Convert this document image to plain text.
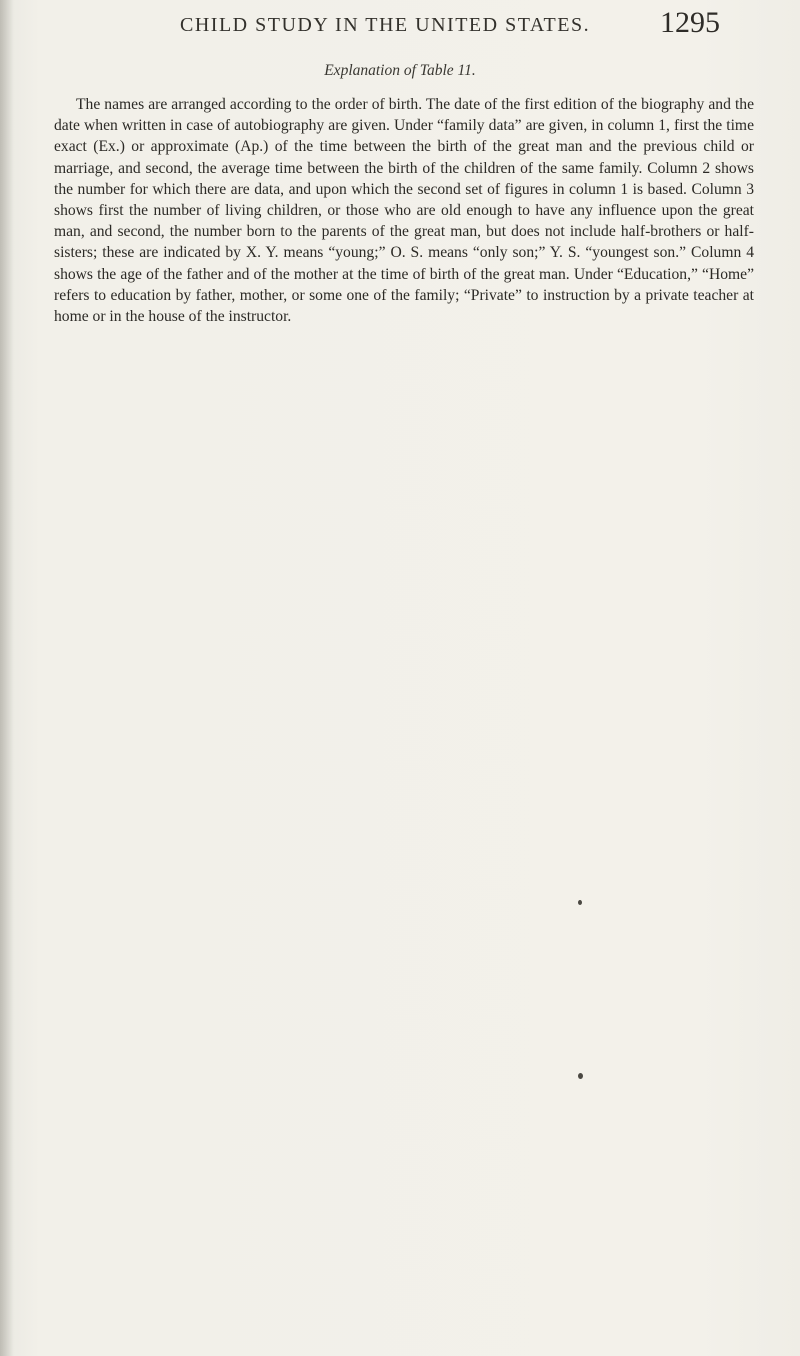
CHILD STUDY IN THE UNITED STATES.	1295
Explanation of Table 11.

The names are arranged according to the order of birth. The date of the first edition of the biography and the date when written in case of autobiography are given. Under “family data” are given, in column 1, first the time exact (Ex.) or approximate (Ap.) of the time between the birth of the great man and the previous child or marriage, and second, the average time between the birth of the children of the same family. Column 2 shows the number for which there are data, and upon which the second set of figures in column 1 is based. Column 3 shows first the number of living children, or those who are old enough to have any influence upon the great man, and second, the number born to the parents of the great man, but does not include half-brothers or half-sisters; these are indicated by X. Y. means “young;” O. S. means “only son;” Y. S. “youngest son.” Column 4 shows the age of the father and of the mother at the time of birth of the great man. Under “Education,” “Home” refers to education by father, mother, or some one of the family; “Private” to instruction by a private teacher at home or in the house of the instructor.
